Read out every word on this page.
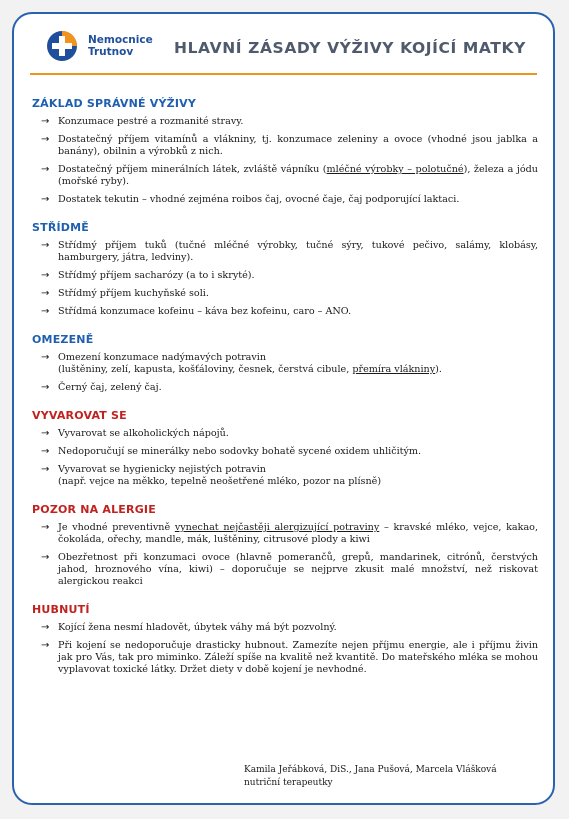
Nemocnice
Trutnov	HLAVNÍ ZÁSADY VÝŽIVY KOJÍCÍ MATKY
ZÁKLAD SPRÁVNÉ VÝŽIVY
→ Konzumace pestré a rozmanité stravy.
→ Dostatečný příjem vitamínů a vlákniny, tj. konzumace zeleniny a ovoce (vhodné jsou jablka a banány), obilnin a výrobků z nich.
→ Dostatečný příjem minerálních látek, zvláště vápníku (mléčné výrobky – polotučné), železa a jódu (mořské ryby).
→ Dostatek tekutin – vhodné zejména roibos čaj, ovocné čaje, čaj podporující laktaci.
STŘÍDMĚ
→ Střídmý příjem tuků (tučné mléčné výrobky, tučné sýry, tukové pečivo, salámy, klobásy, hamburgery, játra, ledviny).
→ Střídmý příjem sacharózy (a to i skryté).
→ Střídmý příjem kuchyňské soli.
→ Střídmá konzumace kofeinu – káva bez kofeinu, caro – ANO.
OMEZENĚ
→ Omezení konzumace nadýmavých potravin
(luštěniny, zelí, kapusta, košťáloviny, česnek, čerstvá cibule, přemíra vlákniny).
→ Černý čaj, zelený čaj.
VYVAROVAT SE
→ Vyvarovat se alkoholických nápojů.
→ Nedoporučují se minerálky nebo sodovky bohatě sycené oxidem uhličitým.
→ Vyvarovat se hygienicky nejistých potravin
(např. vejce na měkko, tepelně neošetřené mléko, pozor na plísně)
POZOR NA ALERGIE
→ Je vhodné preventivně vynechat nejčastěji alergizující potraviny – kravské mléko, vejce, kakao, čokoláda, ořechy, mandle, mák, luštěniny, citrusové plody a kiwi
→ Obezřetnost při konzumaci ovoce (hlavně pomerančů, grepů, mandarinek, citrónů, čerstvých jahod, hroznového vína, kiwi) – doporučuje se nejprve zkusit malé množství, než riskovat alergickou reakci
HUBNUTÍ
→ Kojící žena nesmí hladovět, úbytek váhy má být pozvolný.
→ Při kojení se nedoporučuje drasticky hubnout. Zamezíte nejen příjmu energie, ale i příjmu živin jak pro Vás, tak pro miminko. Záleží spíše na kvalitě než kvantitě. Do mateřského mléka se mohou vyplavovat toxické látky. Držet diety v době kojení je nevhodné.
Kamila Jeřábková, DiS., Jana Pušová, Marcela Vlášková
nutriční terapeutky
